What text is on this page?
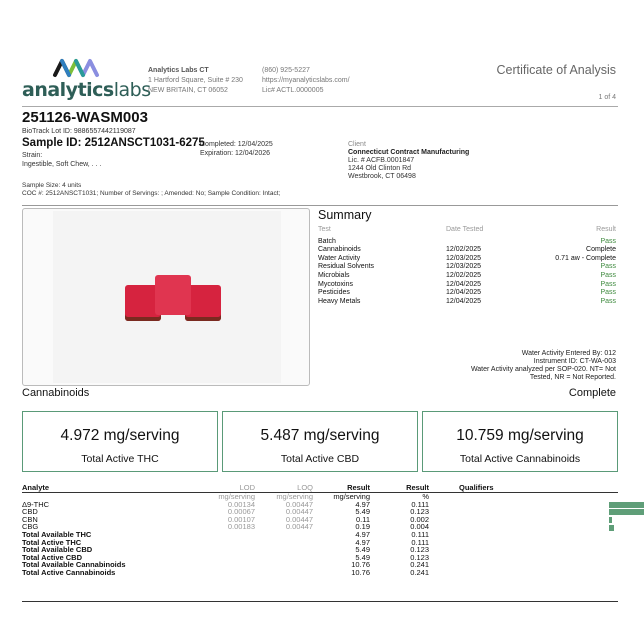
analyticslabs
Analytics Labs CT
1 Hartford Square, Suite # 230
NEW BRITAIN, CT 06052
(860) 925-5227
https://myanalyticslabs.com/
Lic# ACTL.0000005
Certificate of Analysis
1 of 4
251126-WASM003
BioTrack Lot ID: 9886557442119087
Sample ID: 2512ANSCT1031-6275
Completed: 12/04/2025
Expiration: 12/04/2026
Strain:
Ingestible, Soft Chew, . . .
Client
Connecticut Contract Manufacturing
Lic. # ACFB.0001847
1244 Old Clinton Rd
Westbrook, CT 06498
Sample Size: 4 units
COC #: 2512ANSCT1031; Number of Servings: ; Amended: No; Sample Condition: Intact;
Summary
Test	Date Tested	Result
Batch		Pass
Cannabinoids	12/02/2025	Complete
Water Activity	12/03/2025	0.71 aw - Complete
Residual Solvents	12/03/2025	Pass
Microbials	12/02/2025	Pass
Mycotoxins	12/04/2025	Pass
Pesticides	12/04/2025	Pass
Heavy Metals	12/04/2025	Pass
Water Activity Entered By: 012
Instrument ID: CT-WA-003
Water Activity analyzed per SOP-020. NT= Not
Tested, NR = Not Reported.
Cannabinoids	Complete
4.972 mg/serving
Total Active THC
5.487 mg/serving
Total Active CBD
10.759 mg/serving
Total Active Cannabinoids
Analyte	LOD	LOQ	Result	Result		Qualifiers	
	mg/serving	mg/serving	mg/serving	%			
Δ9-THC	0.00134	0.00447	4.97	0.111			

CBD	0.00067	0.00447	5.49	0.123			

CBN	0.00107	0.00447	0.11	0.002			

CBG	0.00183	0.00447	0.19	0.004			

Total Available THC			4.97	0.111			
Total Active THC			4.97	0.111			
Total Available CBD			5.49	0.123			
Total Active CBD			5.49	0.123			
Total Available Cannabinoids			10.76	0.241			
Total Active Cannabinoids			10.76	0.241			
